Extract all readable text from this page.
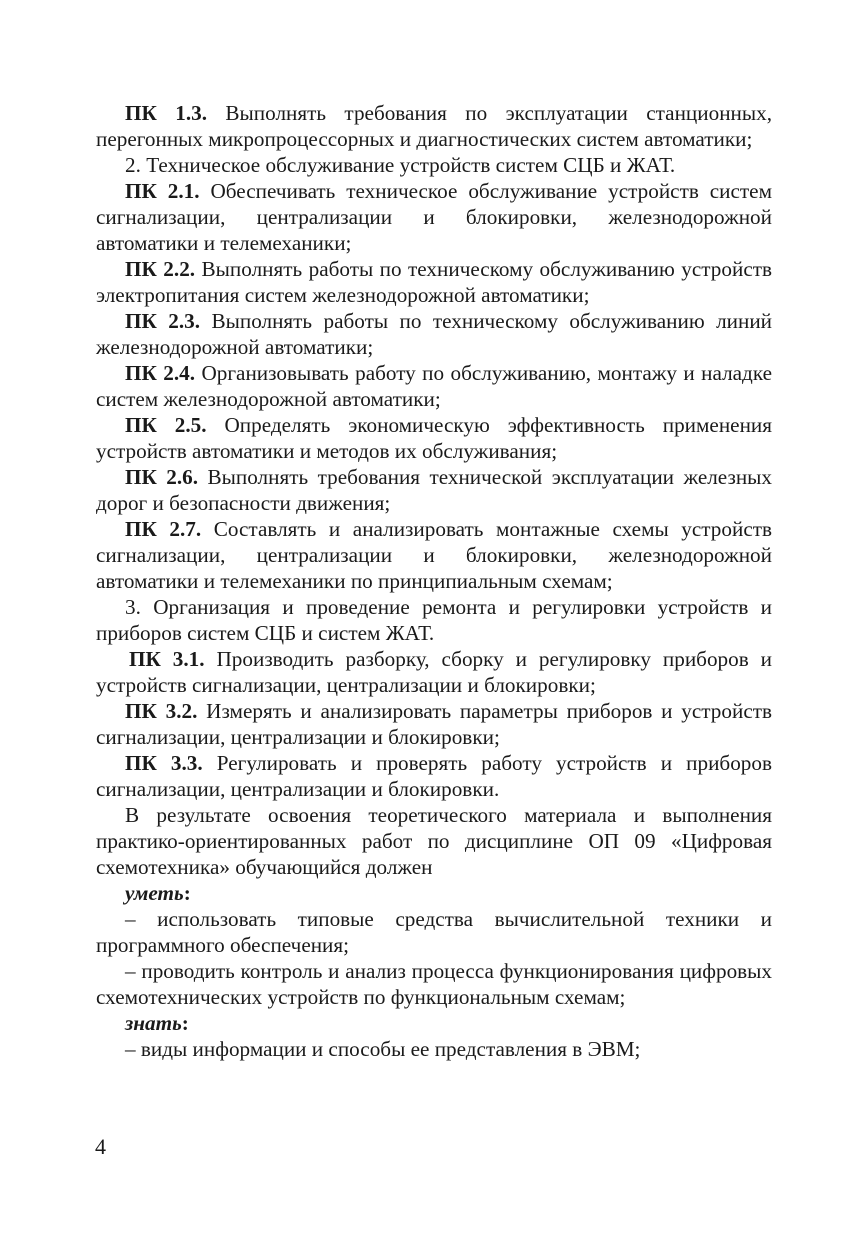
ПК 1.3. Выполнять требования по эксплуатации станционных, перегонных микропроцессорных и диагностических систем автоматики;

2. Техническое обслуживание устройств систем СЦБ и ЖАТ.

ПК 2.1. Обеспечивать техническое обслуживание устройств систем сигнализации, централизации и блокировки, железнодорожной автоматики и телемеханики;

ПК 2.2. Выполнять работы по техническому обслуживанию устройств электропитания систем железнодорожной автоматики;

ПК 2.3. Выполнять работы по техническому обслуживанию линий железнодорожной автоматики;

ПК 2.4. Организовывать работу по обслуживанию, монтажу и наладке систем железнодорожной автоматики;

ПК 2.5. Определять экономическую эффективность применения устройств автоматики и методов их обслуживания;

ПК 2.6. Выполнять требования технической эксплуатации железных дорог и безопасности движения;

ПК 2.7. Составлять и анализировать монтажные схемы устройств сигнализации, централизации и блокировки, железнодорожной автоматики и телемеханики по принципиальным схемам;

3. Организация и проведение ремонта и регулировки устройств и приборов систем СЦБ и систем ЖАТ.

ПК 3.1. Производить разборку, сборку и регулировку приборов и устройств сигнализации, централизации и блокировки;

ПК 3.2. Измерять и анализировать параметры приборов и устройств сигнализации, централизации и блокировки;

ПК 3.3. Регулировать и проверять работу устройств и приборов сигнализации, централизации и блокировки.

В результате освоения теоретического материала и выполнения практико-ориентированных работ по дисциплине ОП 09 «Цифровая схемотехника» обучающийся должен

уметь:

– использовать типовые средства вычислительной техники и программного обеспечения;

– проводить контроль и анализ процесса функционирования цифровых схемотехнических устройств по функциональным схемам;

знать:

– виды информации и способы ее представления в ЭВМ;

4
